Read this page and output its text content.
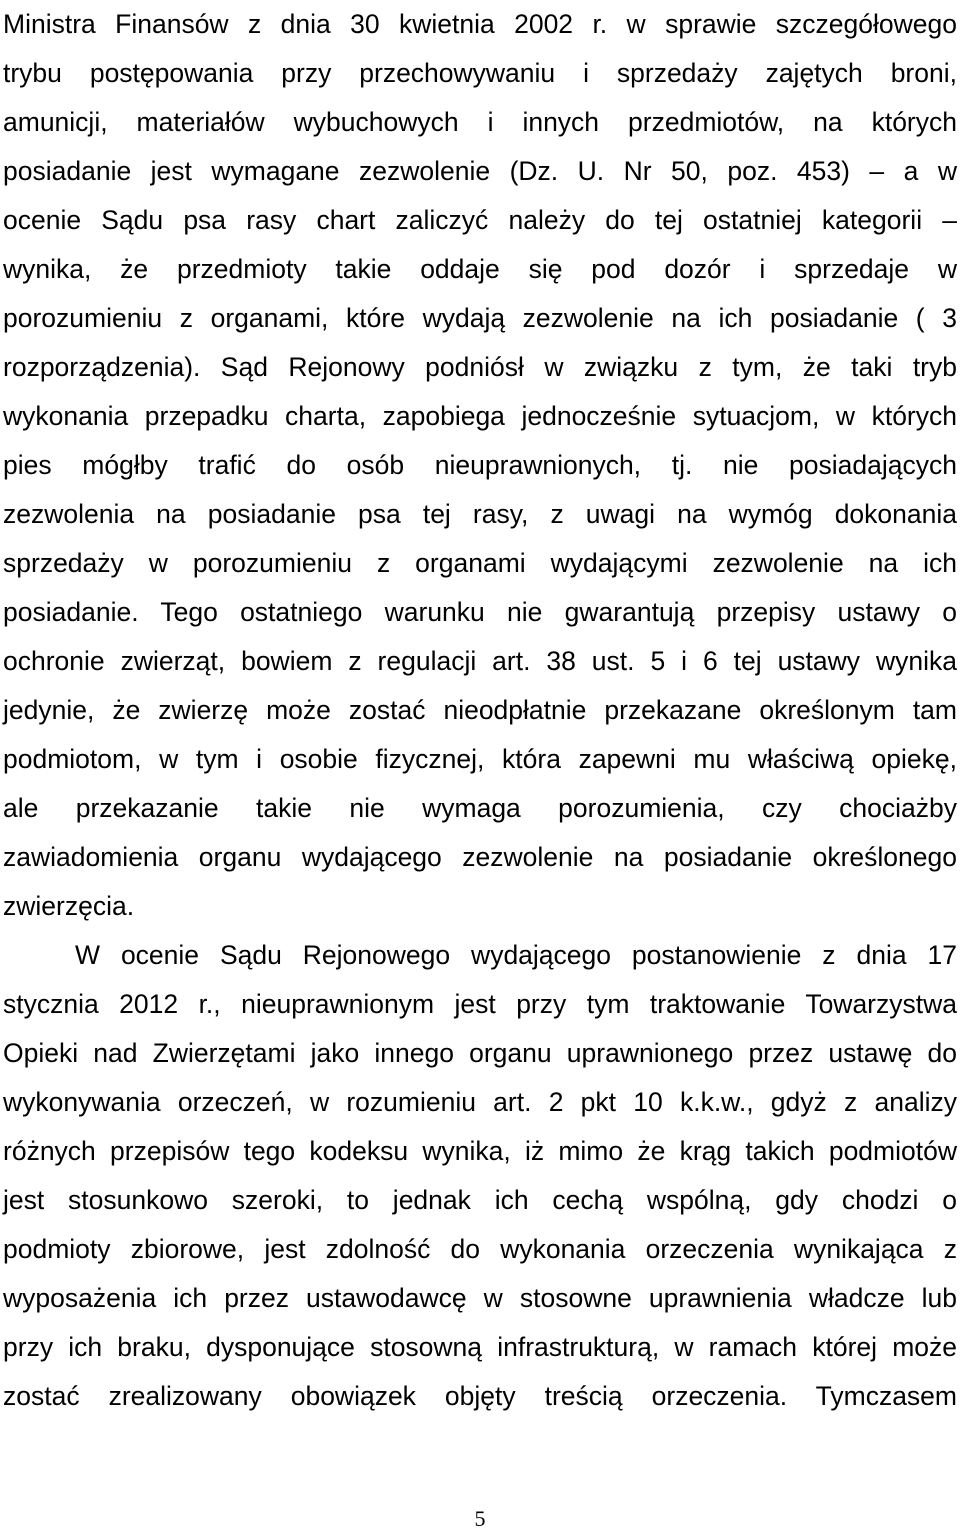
Ministra Finansów z dnia 30 kwietnia 2002 r. w sprawie szczegółowego
trybu postępowania przy przechowywaniu i sprzedaży zajętych broni,
amunicji, materiałów wybuchowych i innych przedmiotów, na których
posiadanie jest wymagane zezwolenie (Dz. U. Nr 50, poz. 453) – a w
ocenie Sądu psa rasy chart zaliczyć należy do tej ostatniej kategorii –
wynika, że przedmioty takie oddaje się pod dozór i sprzedaje w
porozumieniu z organami, które wydają zezwolenie na ich posiadanie ( 3
rozporządzenia). Sąd Rejonowy podniósł w związku z tym, że taki tryb
wykonania przepadku charta, zapobiega jednocześnie sytuacjom, w których
pies mógłby trafić do osób nieuprawnionych, tj. nie posiadających
zezwolenia na posiadanie psa tej rasy, z uwagi na wymóg dokonania
sprzedaży w porozumieniu z organami wydającymi zezwolenie na ich
posiadanie. Tego ostatniego warunku nie gwarantują przepisy ustawy o
ochronie zwierząt, bowiem z regulacji art. 38 ust. 5 i 6 tej ustawy wynika
jedynie, że zwierzę może zostać nieodpłatnie przekazane określonym tam
podmiotom, w tym i osobie fizycznej, która zapewni mu właściwą opiekę,
ale przekazanie takie nie wymaga porozumienia, czy chociażby
zawiadomienia organu wydającego zezwolenie na posiadanie określonego
zwierzęcia.
W ocenie Sądu Rejonowego wydającego postanowienie z dnia 17
stycznia 2012 r., nieuprawnionym jest przy tym traktowanie Towarzystwa
Opieki nad Zwierzętami jako innego organu uprawnionego przez ustawę do
wykonywania orzeczeń, w rozumieniu art. 2 pkt 10 k.k.w., gdyż z analizy
różnych przepisów tego kodeksu wynika, iż mimo że krąg takich podmiotów
jest stosunkowo szeroki, to jednak ich cechą wspólną, gdy chodzi o
podmioty zbiorowe, jest zdolność do wykonania orzeczenia wynikająca z
wyposażenia ich przez ustawodawcę w stosowne uprawnienia władcze lub
przy ich braku, dysponujące stosowną infrastrukturą, w ramach której może
zostać zrealizowany obowiązek objęty treścią orzeczenia. Tymczasem
5
